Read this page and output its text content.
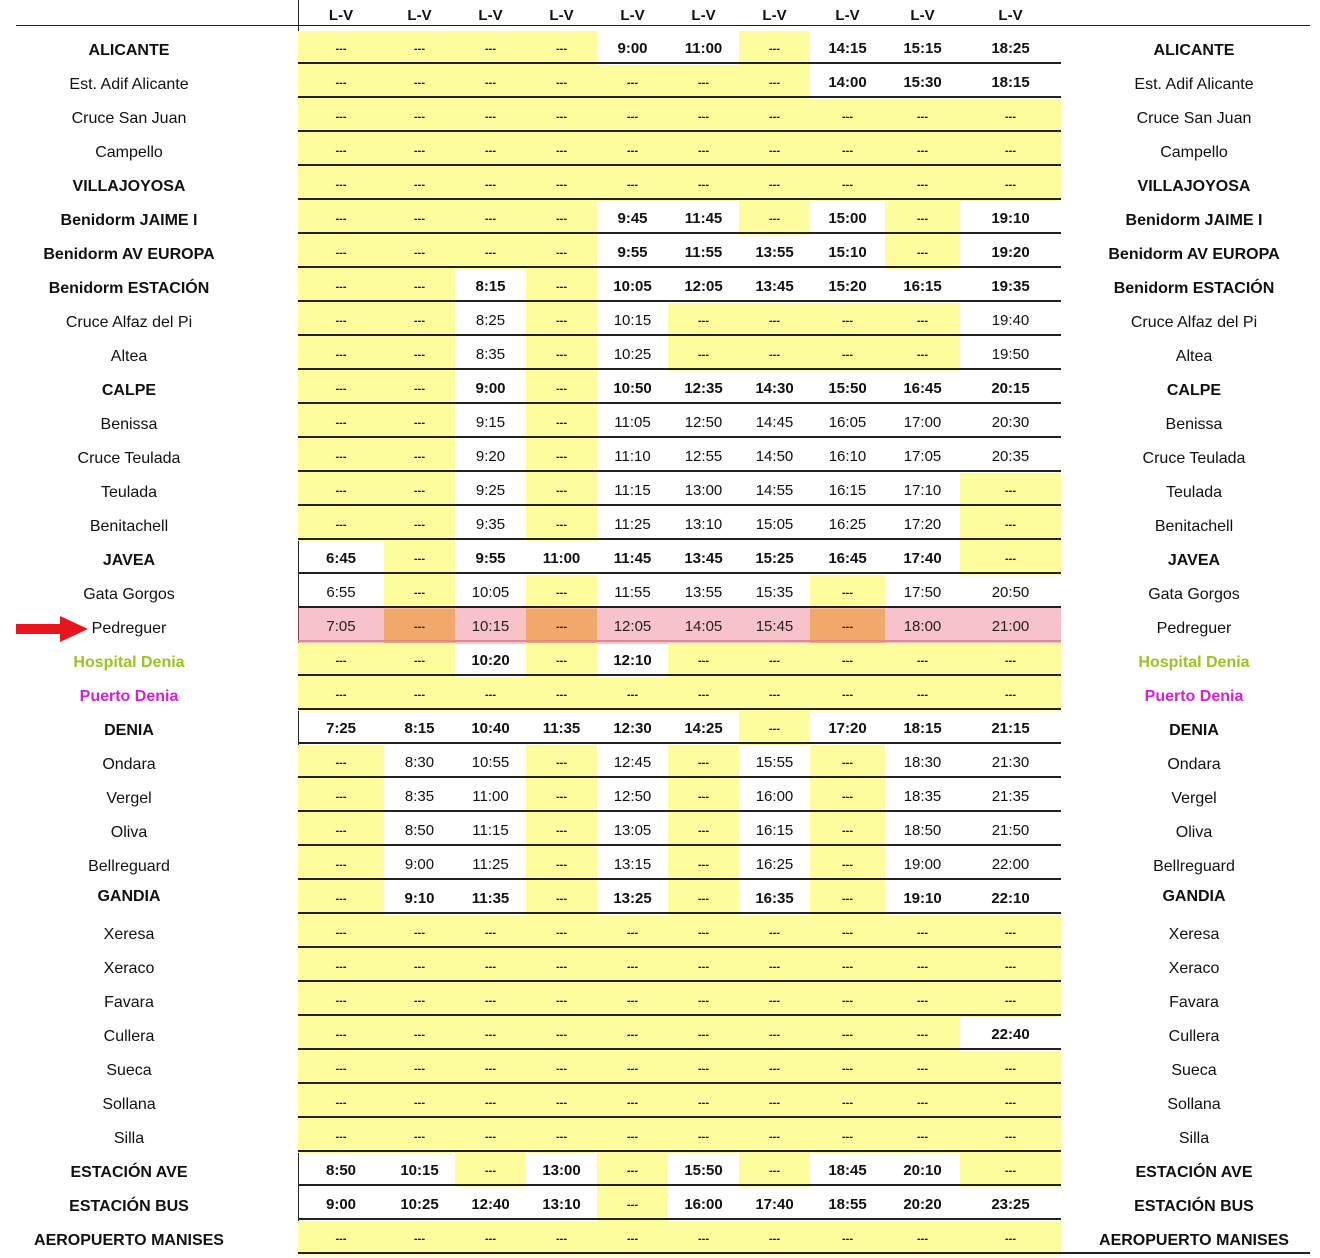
L-V	L-V	L-V	L-V	L-V	L-V	L-V	L-V	L-V	L-V
ALICANTE	ALICANTE
---	---	---	---	9:00	11:00	---	14:15	15:15	18:25
Est. Adif Alicante	Est. Adif Alicante
---	---	---	---	---	---	---	14:00	15:30	18:15
Cruce San Juan	Cruce San Juan
---	---	---	---	---	---	---	---	---	---
Campello	Campello
---	---	---	---	---	---	---	---	---	---
VILLAJOYOSA	VILLAJOYOSA
---	---	---	---	---	---	---	---	---	---
Benidorm JAIME I	Benidorm JAIME I
---	---	---	---	9:45	11:45	---	15:00	---	19:10
Benidorm AV EUROPA	Benidorm AV EUROPA
---	---	---	---	9:55	11:55	13:55	15:10	---	19:20
Benidorm ESTACIÓN	Benidorm ESTACIÓN
---	---	8:15	---	10:05	12:05	13:45	15:20	16:15	19:35
Cruce Alfaz del Pi	Cruce Alfaz del Pi
---	---	8:25	---	10:15	---	---	---	---	19:40
Altea	Altea
---	---	8:35	---	10:25	---	---	---	---	19:50
CALPE	CALPE
---	---	9:00	---	10:50	12:35	14:30	15:50	16:45	20:15
Benissa	Benissa
---	---	9:15	---	11:05	12:50	14:45	16:05	17:00	20:30
Cruce Teulada	Cruce Teulada
---	---	9:20	---	11:10	12:55	14:50	16:10	17:05	20:35
Teulada	Teulada
---	---	9:25	---	11:15	13:00	14:55	16:15	17:10	---
Benitachell	Benitachell
---	---	9:35	---	11:25	13:10	15:05	16:25	17:20	---
JAVEA	JAVEA
6:45	---	9:55	11:00	11:45	13:45	15:25	16:45	17:40	---
Gata Gorgos	Gata Gorgos
6:55	---	10:05	---	11:55	13:55	15:35	---	17:50	20:50
Pedreguer	Pedreguer
7:05	---	10:15	---	12:05	14:05	15:45	---	18:00	21:00
Hospital Denia	Hospital Denia
---	---	10:20	---	12:10	---	---	---	---	---
Puerto Denia	Puerto Denia
---	---	---	---	---	---	---	---	---	---
DENIA	DENIA
7:25	8:15	10:40	11:35	12:30	14:25	---	17:20	18:15	21:15
Ondara	Ondara
---	8:30	10:55	---	12:45	---	15:55	---	18:30	21:30
Vergel	Vergel
---	8:35	11:00	---	12:50	---	16:00	---	18:35	21:35
Oliva	Oliva
---	8:50	11:15	---	13:05	---	16:15	---	18:50	21:50
Bellreguard	Bellreguard
---	9:00	11:25	---	13:15	---	16:25	---	19:00	22:00
GANDIA	GANDIA
---	9:10	11:35	---	13:25	---	16:35	---	19:10	22:10
Xeresa	Xeresa
---	---	---	---	---	---	---	---	---	---
Xeraco	Xeraco
---	---	---	---	---	---	---	---	---	---
Favara	Favara
---	---	---	---	---	---	---	---	---	---
Cullera	Cullera
---	---	---	---	---	---	---	---	---	22:40
Sueca	Sueca
---	---	---	---	---	---	---	---	---	---
Sollana	Sollana
---	---	---	---	---	---	---	---	---	---
Silla	Silla
---	---	---	---	---	---	---	---	---	---
ESTACIÓN AVE	ESTACIÓN AVE
8:50	10:15	---	13:00	---	15:50	---	18:45	20:10	---
ESTACIÓN BUS	ESTACIÓN BUS
9:00	10:25	12:40	13:10	---	16:00	17:40	18:55	20:20	23:25
AEROPUERTO MANISES	AEROPUERTO MANISES
---	---	---	---	---	---	---	---	---	---
